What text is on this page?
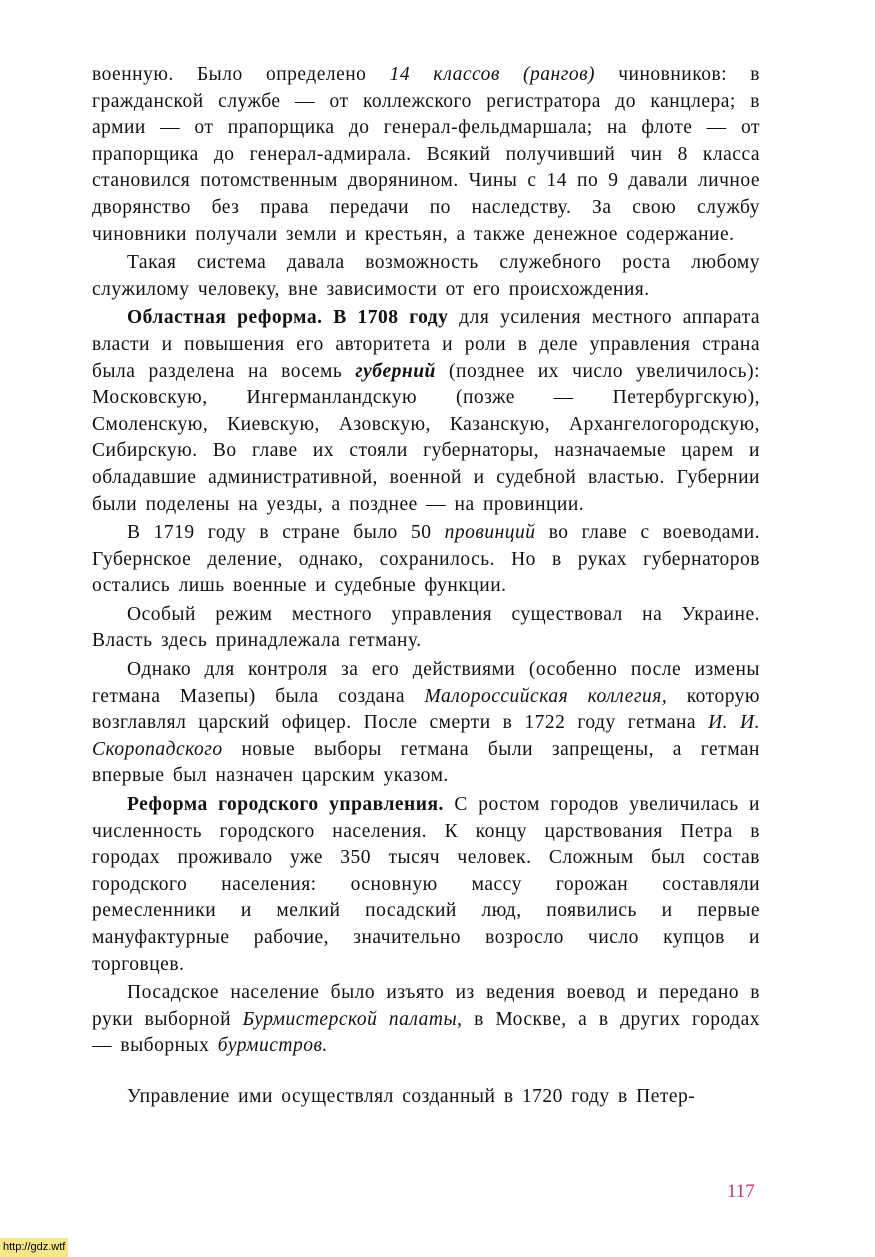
военную. Было определено 14 классов (рангов) чиновников: в гражданской службе — от коллежского регистратора до канцлера; в армии — от прапорщика до генерал-фельдмаршала; на флоте — от прапорщика до генерал-адмирала. Всякий получивший чин 8 класса становился потомственным дворянином. Чины с 14 по 9 давали личное дворянство без права передачи по наследству. За свою службу чиновники получали земли и крестьян, а также денежное содержание.

Такая система давала возможность служебного роста любому служилому человеку, вне зависимости от его происхождения.

Областная реформа. В 1708 году для усиления местного аппарата власти и повышения его авторитета и роли в деле управления страна была разделена на восемь губерний (позднее их число увеличилось): Московскую, Ингерманландскую (позже — Петербургскую), Смоленскую, Киевскую, Азовскую, Казанскую, Архангелогородскую, Сибирскую. Во главе их стояли губернаторы, назначаемые царем и обладавшие административной, военной и судебной властью. Губернии были поделены на уезды, а позднее — на провинции.

В 1719 году в стране было 50 провинций во главе с воеводами. Губернское деление, однако, сохранилось. Но в руках губернаторов остались лишь военные и судебные функции.

Особый режим местного управления существовал на Украине. Власть здесь принадлежала гетману.

Однако для контроля за его действиями (особенно после измены гетмана Мазепы) была создана Малороссийская коллегия, которую возглавлял царский офицер. После смерти в 1722 году гетмана И. И. Скоропадского новые выборы гетмана были запрещены, а гетман впервые был назначен царским указом.

Реформа городского управления. С ростом городов увеличилась и численность городского населения. К концу царствования Петра в городах проживало уже 350 тысяч человек. Сложным был состав городского населения: основную массу горожан составляли ремесленники и мелкий посадский люд, появились и первые мануфактурные рабочие, значительно возросло число купцов и торговцев.

Посадское население было изъято из ведения воевод и передано в руки выборной Бурмистерской палаты, в Москве, а в других городах — выборных бурмистров.

Управление ими осуществлял созданный в 1720 году в Петер-

117
http://gdz.wtf
